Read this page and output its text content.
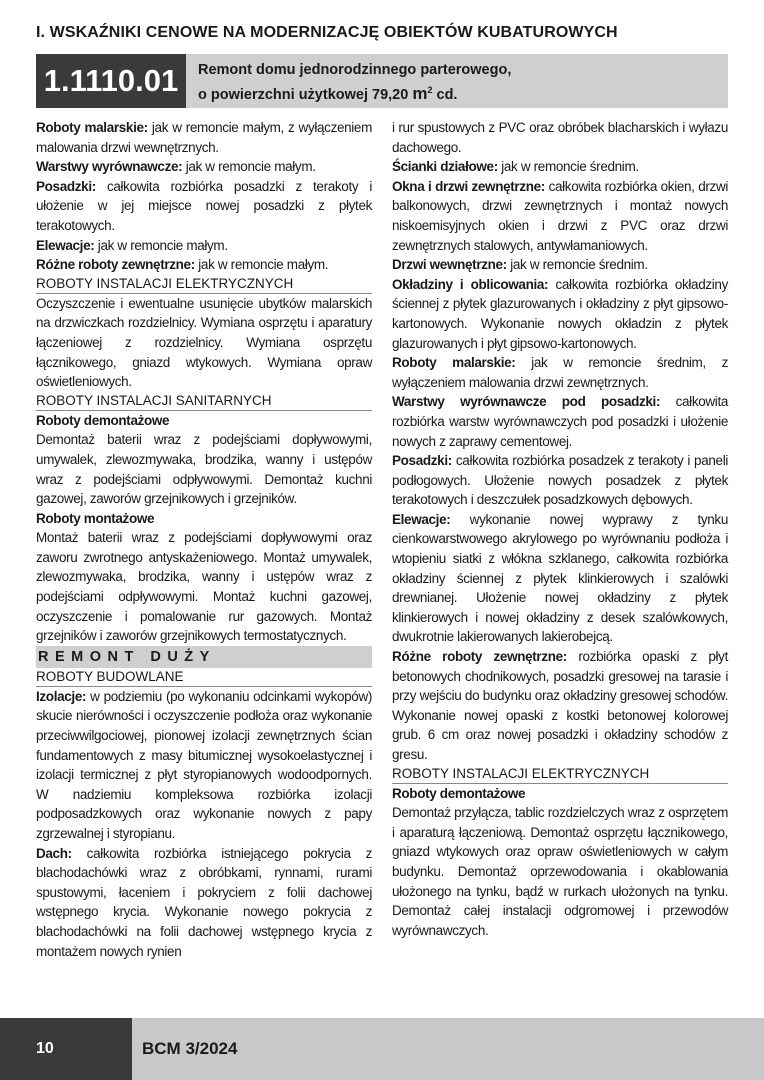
I. WSKAŹNIKI CENOWE NA MODERNIZACJĘ OBIEKTÓW KUBATUROWYCH
1.1110.01	Remont domu jednorodzinnego parterowego,
o powierzchni użytkowej 79,20 $m^2$ cd.

Roboty malarskie: jak w remoncie małym, z wyłączeniem malowania drzwi wewnętrznych.

Warstwy wyrównawcze: jak w remoncie małym.

Posadzki: całkowita rozbiórka posadzki z terakoty i ułożenie w jej miejsce nowej posadzki z płytek terakotowych.

Elewacje: jak w remoncie małym.

Różne roboty zewnętrzne: jak w remoncie małym.

ROBOTY INSTALACJI ELEKTRYCZNYCH

Oczyszczenie i ewentualne usunięcie ubytków malarskich na drzwiczkach rozdzielnicy. Wymiana osprzętu i aparatury łączeniowej z rozdzielnicy. Wymiana osprzętu łącznikowego, gniazd wtykowych. Wymiana opraw oświetleniowych.

ROBOTY INSTALACJI SANITARNYCH

Roboty demontażowe

Demontaż baterii wraz z podejściami dopływowymi, umywalek, zlewozmywaka, brodzika, wanny i ustępów wraz z podejściami odpływowymi. Demontaż kuchni gazowej, zaworów grzejnikowych i grzejników.

Roboty montażowe

Montaż baterii wraz z podejściami dopływowymi oraz zaworu zwrotnego antyskażeniowego. Montaż umywalek, zlewozmywaka, brodzika, wanny i ustępów wraz z podejściami odpływowymi. Montaż kuchni gazowej, oczyszczenie i pomalowanie rur gazowych. Montaż grzejników i zaworów grzejnikowych termostatycznych.

REMONT DUŻY

ROBOTY BUDOWLANE

Izolacje: w podziemiu (po wykonaniu odcinkami wykopów) skucie nierówności i oczyszczenie podłoża oraz wykonanie przeciwwilgociowej, pionowej izolacji zewnętrznych ścian fundamentowych z masy bitumicznej wysokoelastycznej i izolacji termicznej z płyt styropianowych wodoodpornych. W nadziemiu kompleksowa rozbiórka izolacji podposadzkowych oraz wykonanie nowych z papy zgrzewalnej i styropianu.

Dach: całkowita rozbiórka istniejącego pokrycia z blachodachówki wraz z obróbkami, rynnami, rurami spustowymi, łaceniem i pokryciem z folii dachowej wstępnego krycia. Wykonanie nowego pokrycia z blachodachówki na folii dachowej wstępnego krycia z montażem nowych rynien

i rur spustowych z PVC oraz obróbek blacharskich i wyłazu dachowego.

Ścianki działowe: jak w remoncie średnim.

Okna i drzwi zewnętrzne: całkowita rozbiórka okien, drzwi balkonowych, drzwi zewnętrznych i montaż nowych niskoemisyjnych okien i drzwi z PVC oraz drzwi zewnętrznych stalowych, antywłamaniowych.

Drzwi wewnętrzne: jak w remoncie średnim.

Okładziny i oblicowania: całkowita rozbiórka okładziny ściennej z płytek glazurowanych i okładziny z płyt gipsowo-kartonowych. Wykonanie nowych okładzin z płytek glazurowanych i płyt gipsowo-kartonowych.

Roboty malarskie: jak w remoncie średnim, z wyłączeniem malowania drzwi zewnętrznych.

Warstwy wyrównawcze pod posadzki: całkowita rozbiórka warstw wyrównawczych pod posadzki i ułożenie nowych z zaprawy cementowej.

Posadzki: całkowita rozbiórka posadzek z terakoty i paneli podłogowych. Ułożenie nowych posadzek z płytek terakotowych i deszczułek posadzkowych dębowych.

Elewacje: wykonanie nowej wyprawy z tynku cienkowarstwowego akrylowego po wyrównaniu podłoża i wtopieniu siatki z włókna szklanego, całkowita rozbiórka okładziny ściennej z płytek klinkierowych i szalówki drewnianej. Ułożenie nowej okładziny z płytek klinkierowych i nowej okładziny z desek szalówkowych, dwukrotnie lakierowanych lakierobejcą.

Różne roboty zewnętrzne: rozbiórka opaski z płyt betonowych chodnikowych, posadzki gresowej na tarasie i przy wejściu do budynku oraz okładziny gresowej schodów. Wykonanie nowej opaski z kostki betonowej kolorowej grub. 6 cm oraz nowej posadzki i okładziny schodów z gresu.

ROBOTY INSTALACJI ELEKTRYCZNYCH

Roboty demontażowe

Demontaż przyłącza, tablic rozdzielczych wraz z osprzętem i aparaturą łączeniową. Demontaż osprzętu łącznikowego, gniazd wtykowych oraz opraw oświetleniowych w całym budynku. Demontaż oprzewodowania i okablowania ułożonego na tynku, bądź w rurkach ułożonych na tynku. Demontaż całej instalacji odgromowej i przewodów wyrównawczych.

10	BCM 3/2024
